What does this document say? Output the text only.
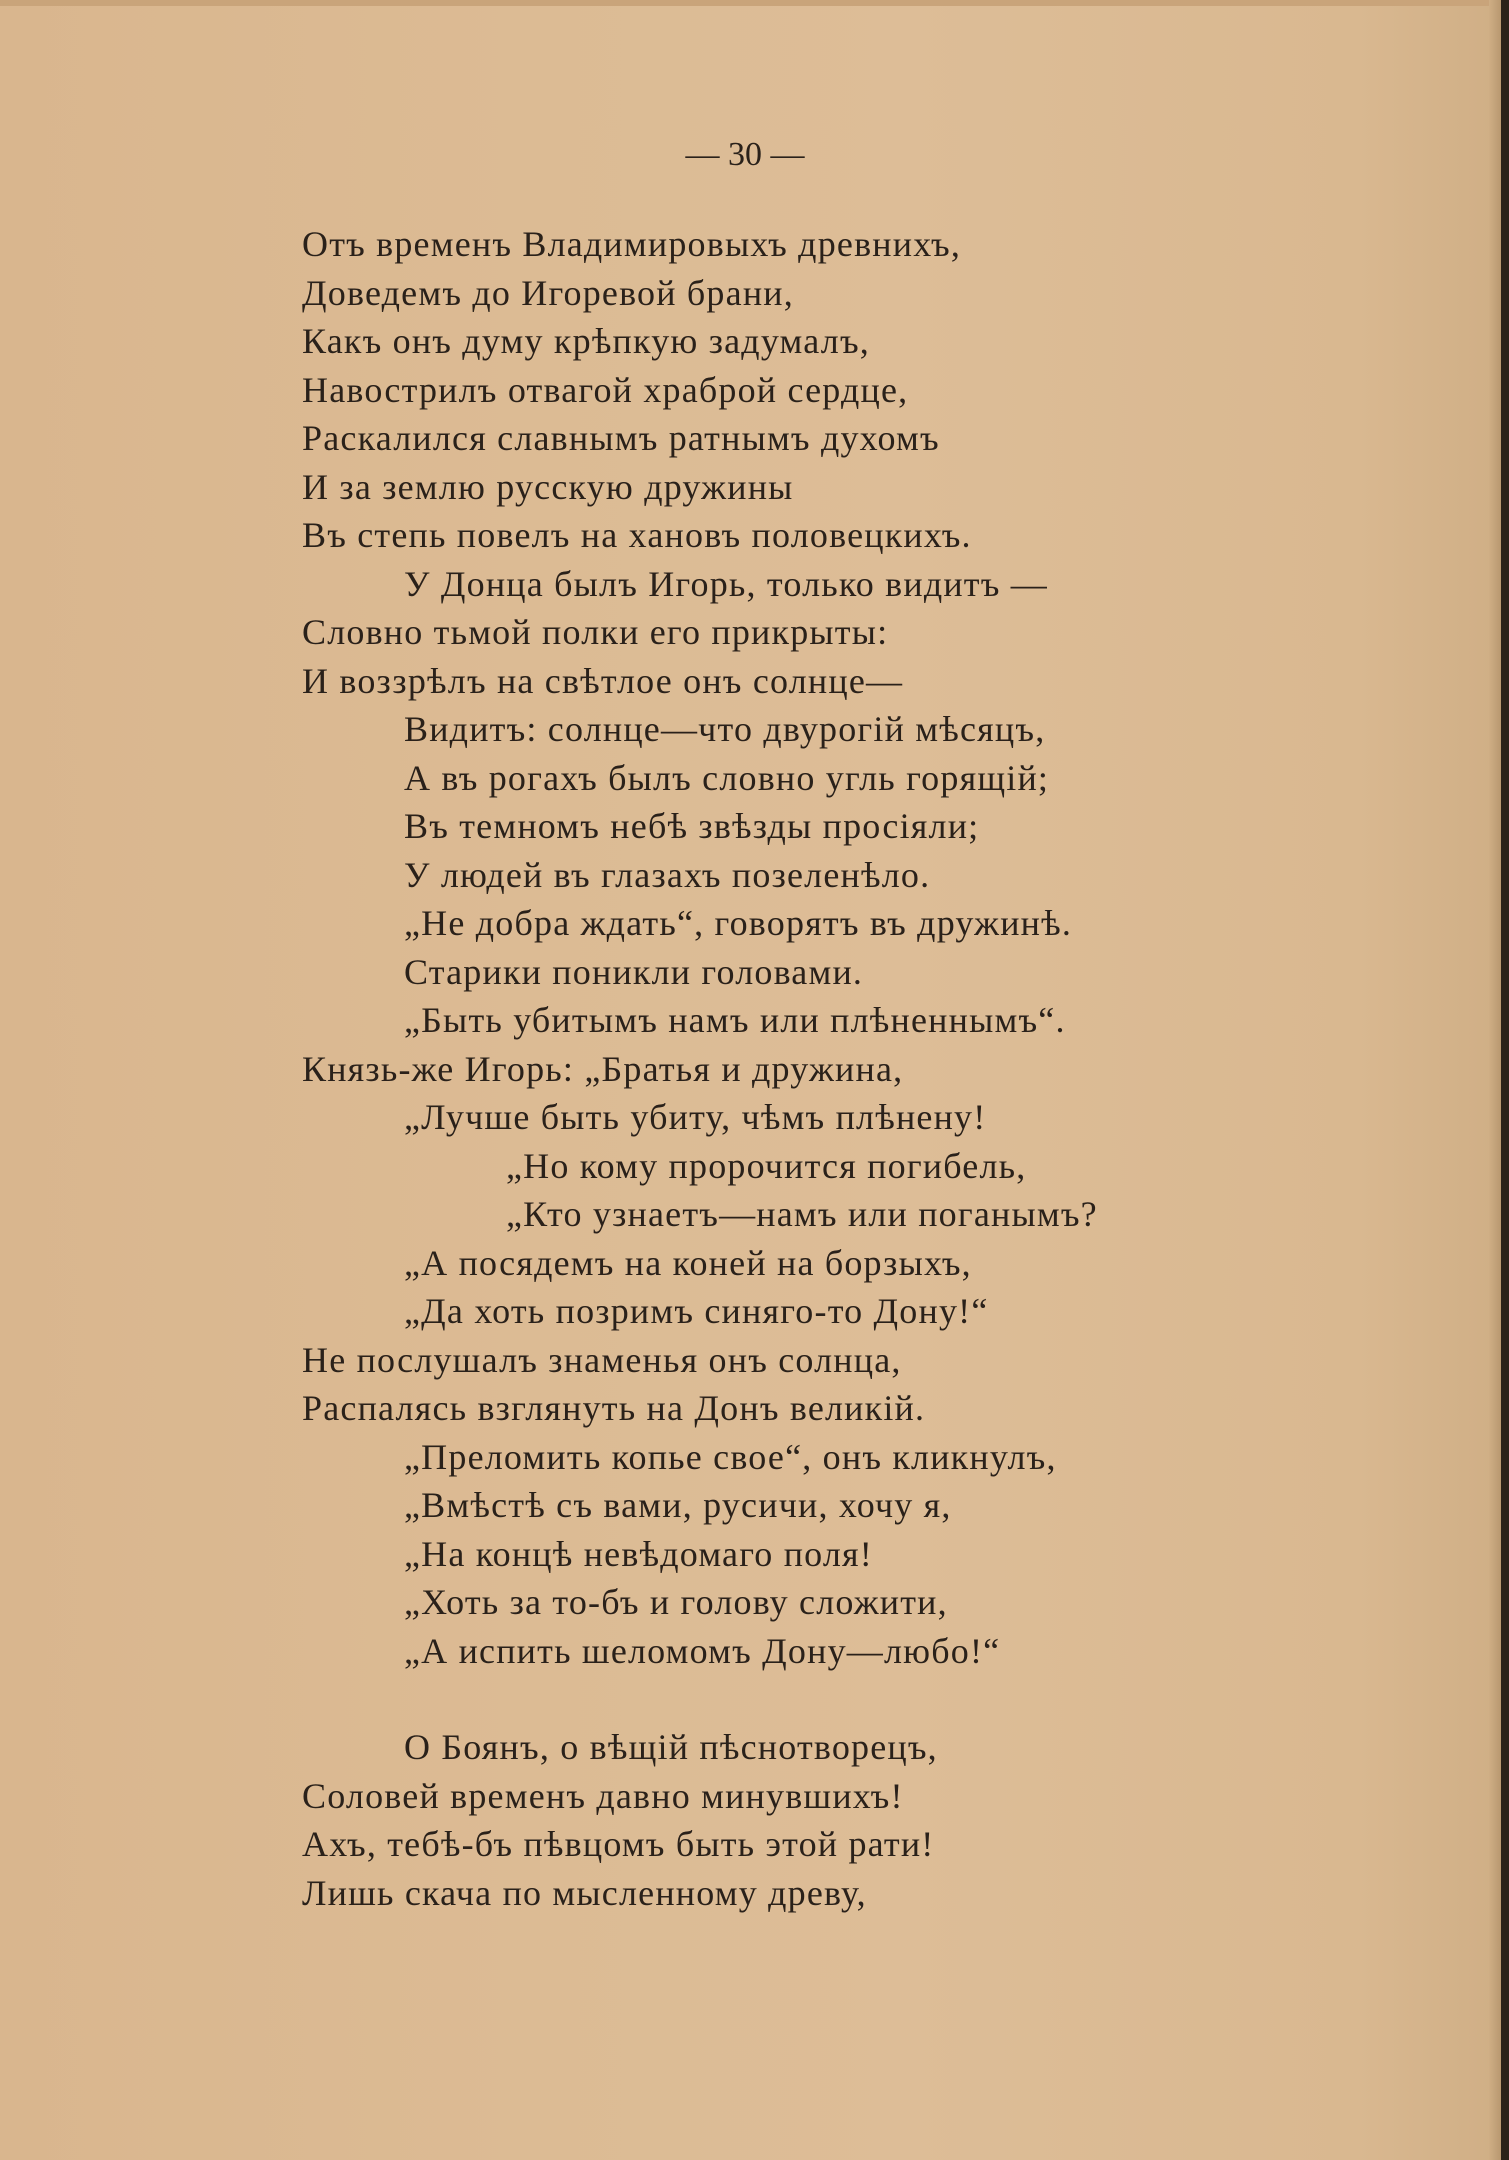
— 30 —
Отъ временъ Владимировыхъ древнихъ,
Доведемъ до Игоревой брани,
Какъ онъ думу крѣпкую задумалъ,
Навострилъ отвагой храброй сердце,
Раскалился славнымъ ратнымъ духомъ
И за землю русскую дружины
Въ степь повелъ на хановъ половецкихъ.
У Донца былъ Игорь, только видитъ —
Словно тьмой полки его прикрыты:
И воззрѣлъ на свѣтлое онъ солнце—
Видитъ: солнце—что двурогій мѣсяцъ,
А въ рогахъ былъ словно угль горящій;
Въ темномъ небѣ звѣзды просіяли;
У людей въ глазахъ позеленѣло.
„Не добра ждать“, говорятъ въ дружинѣ.
Старики поникли головами.
„Быть убитымъ намъ или плѣненнымъ“.
Князь-же Игорь: „Братья и дружина,
„Лучше быть убиту, чѣмъ плѣнену!
„Но кому пророчится погибель,
„Кто узнаетъ—намъ или поганымъ?
„А посядемъ на коней на борзыхъ,
„Да хоть позримъ синяго-то Дону!“
Не послушалъ знаменья онъ солнца,
Распалясь взглянуть на Донъ великій.
„Преломить копье свое“, онъ кликнулъ,
„Вмѣстѣ съ вами, русичи, хочу я,
„На концѣ невѣдомаго поля!
„Хоть за то-бъ и голову сложити,
„А испить шеломомъ Дону—любо!“
О Боянъ, о вѣщій пѣснотворецъ,
Соловей временъ давно минувшихъ!
Ахъ, тебѣ-бъ пѣвцомъ быть этой рати!
Лишь скача по мысленному древу,
